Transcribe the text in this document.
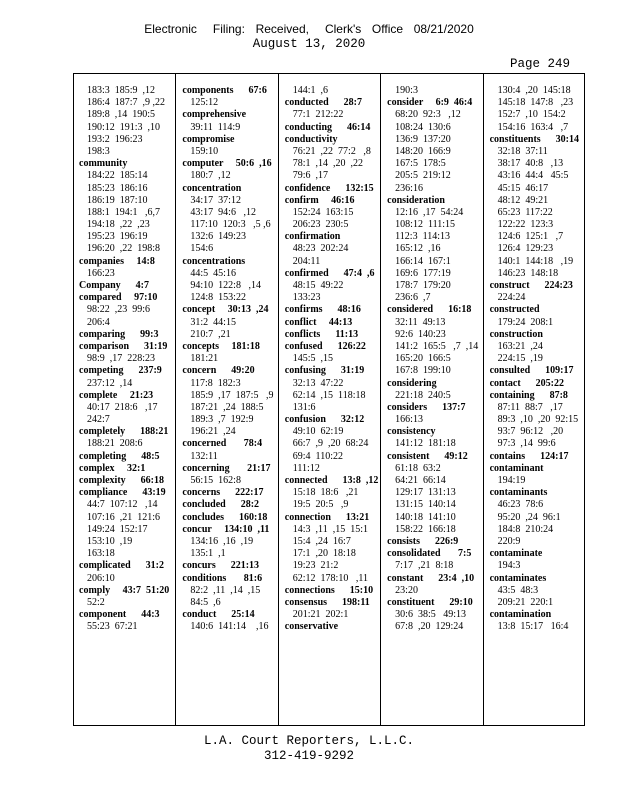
Electronic   Filing:  Received,   Clerk's  Office  08/21/2020
August 13, 2020
Page 249
183:3  185:9  ,12
186:4  187:7  ,9 ,22
189:8  ,14  190:5
190:12  191:3  ,10
193:2  196:23
198:3
community
184:22  185:14
185:23  186:16
186:19  187:10
188:1  194:1   ,6,7
194:18  ,22  ,23
195:23  196:19
196:20  ,22  198:8
companies     14:8
166:23
Company      4:7
compared     97:10
98:22  ,23  99:6
206:4
comparing      99:3
comparison      31:19
98:9  ,17  228:23
competing      237:9
237:12  ,14
complete     21:23
40:17  218:6   ,17
242:7
completely      188:21
188:21  208:6
completing      48:5
complex     32:1
complexity      66:18
compliance      43:19
44:7  107:12   ,14
107:16  ,21  121:6
149:24  152:17
153:10  ,19
163:18
complicated      31:2
206:10
comply     43:7  51:20
52:2
component      44:3
55:23  67:21
components      67:6
125:12
comprehensive
39:11  114:9
compromise
159:10
computer     50:6  ,16
180:7  ,12
concentration
34:17  37:12
43:17  94:6   ,12
117:10  120:3   ,5 ,6
132:6  149:23
154:6
concentrations
44:5  45:16
94:10  122:8   ,14
124:8  153:22
concept     30:13  ,24
31:2  44:15
210:7  ,21
concepts     181:18
181:21
concern      49:20
117:8  182:3
185:9  ,17  187:5   ,9
187:21  ,24  188:5
189:3  ,7  192:9
196:21  ,24
concerned       78:4
132:11
concerning       21:17
56:15  162:8
concerns      222:17
concluded      28:2
concludes      160:18
concur     134:10  ,11
134:16  ,16  ,19
135:1  ,1
concurs      221:13
conditions       81:6
82:2  ,11  ,14  ,15
84:5  ,6
conduct      25:14
140:6  141:14    ,16
144:1  ,6
conducted      28:7
77:1  212:22
conducting      46:14
conductivity
76:21  ,22  77:2   ,8
78:1  ,14  ,20  ,22
79:6  ,17
confidence      132:15
confirm     46:16
152:24  163:15
206:23  230:5
confirmation
48:23  202:24
204:11
confirmed      47:4  ,6
48:15  49:22
133:23
confirms      48:16
conflict     44:13
conflicts      11:13
confused      126:22
145:5  ,15
confusing      31:19
32:13  47:22
62:14  ,15  118:18
131:6
confusion      32:12
49:10  62:19
66:7  ,9  ,20  68:24
69:4  110:22
111:12
connected      13:8  ,12
15:18  18:6   ,21
19:5  20:5   ,9
connection      13:21
14:3  ,11  ,15  15:1
15:4  ,24  16:7
17:1  ,20  18:18
19:23  21:2
62:12  178:10   ,11
connections      15:10
consensus      198:11
201:21  202:1
conservative
190:3
consider     6:9  46:4
68:20  92:3   ,12
108:24  130:6
136:9  137:20
148:20  166:9
167:5  178:5
205:5  219:12
236:16
consideration
12:16  ,17  54:24
108:12  111:15
112:3  114:13
165:12  ,16
166:14  167:1
169:6  177:19
178:7  179:20
236:6  ,7
considered      16:18
32:11  49:13
92:6  140:23
141:2  165:5   ,7  ,14
165:20  166:5
167:8  199:10
considering
221:18  240:5
considers      137:7
166:13
consistency
141:12  181:18
consistent      49:12
61:18  63:2
64:21  66:14
129:17  131:13
131:15  140:14
140:18  141:10
158:22  166:18
consists      226:9
consolidated       7:5
7:17  ,21  8:18
constant      23:4  ,10
23:20
constituent      29:10
30:6  38:5   49:13
67:8  ,20  129:24
130:4  ,20  145:18
145:18  147:8   ,23
152:7  ,10  154:2
154:16  163:4   ,7
constituents      30:14
32:18  37:11
38:17  40:8   ,13
43:16  44:4   45:5
45:15  46:17
48:12  49:21
65:23  117:22
122:22  123:3
124:6  125:1   ,7
126:4  129:23
140:1  144:18   ,19
146:23  148:18
construct      224:23
224:24
constructed
179:24  208:1
construction
163:21  ,24
224:15  ,19
consulted      109:17
contact      205:22
containing      87:8
87:11  88:7   ,17
89:3  ,10  ,20  92:15
93:7  96:12   ,20
97:3  ,14  99:6
contains      124:17
contaminant
194:19
contaminants
46:23  78:6
95:20  ,24  96:1
184:8  210:24
220:9
contaminate
194:3
contaminates
43:5  48:3
209:21  220:1
contamination
13:8  15:17   16:4
L.A. Court Reporters, L.L.C.
312-419-9292
